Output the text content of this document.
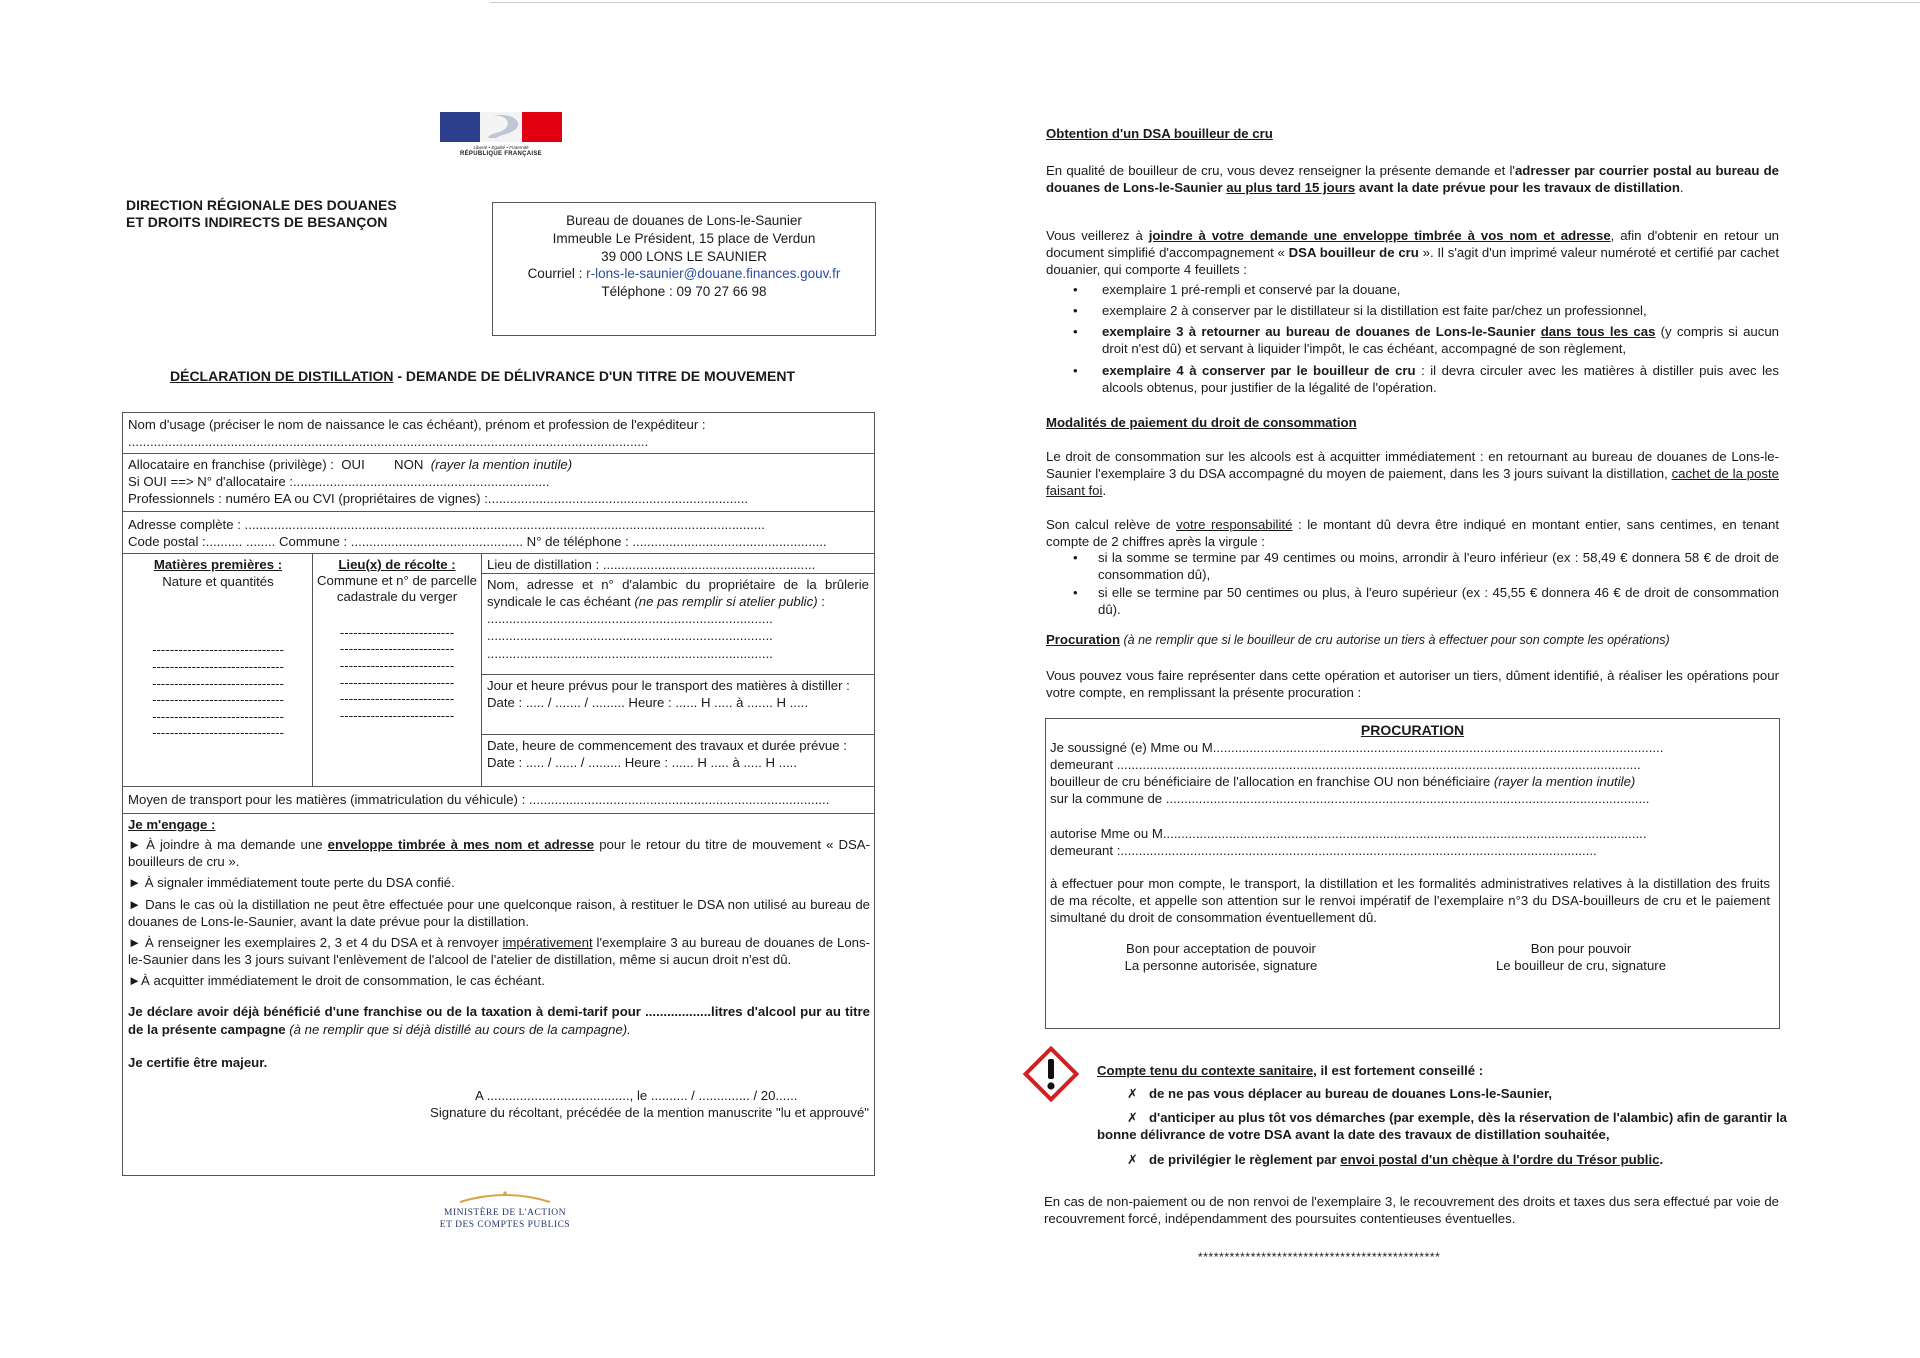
Liberté • Égalité • Fraternité
RÉPUBLIQUE FRANÇAISE
DIRECTION RÉGIONALE DES DOUANES
ET DROITS INDIRECTS DE BESANÇON	Bureau de douanes de Lons-le-Saunier
Immeuble Le Président, 15 place de Verdun
39 000 LONS LE SAUNIER
Courriel : r-lons-le-saunier@douane.finances.gouv.fr
Téléphone : 09 70 27 66 98
DÉCLARATION DE DISTILLATION - DEMANDE DE DÉLIVRANCE D'UN TITRE DE MOUVEMENT
Nom d'usage (préciser le nom de naissance le cas échéant), prénom et profession de l'expéditeur :
..............................................................................................................................................
Allocataire en franchise (privilège) :  OUI        NON  (rayer la mention inutile)
Si OUI ==> N° d'allocataire :......................................................................
Professionnels : numéro EA ou CVI (propriétaires de vignes) :.......................................................................
Adresse complète : ..............................................................................................................................................
Code postal :.......... ........ Commune : ............................................... N° de téléphone : .....................................................
Matières premières :
Nature et quantités
------------------------------
------------------------------
------------------------------
------------------------------
------------------------------
------------------------------
Lieu(x) de récolte :
Commune et n° de parcelle cadastrale du verger
--------------------------
--------------------------
--------------------------
--------------------------
--------------------------
--------------------------
Lieu de distillation : ..........................................................
Nom, adresse et n° d'alambic du propriétaire de la brûlerie syndicale le cas échéant (ne pas remplir si atelier public) :
..............................................................................
..............................................................................
..............................................................................
Jour et heure prévus pour le transport des matières à distiller :
Date : ..... / ....... / ......... Heure : ...... H ..... à ....... H .....
Date, heure de commencement des travaux et durée prévue :
Date : ..... / ...... / ......... Heure : ...... H ..... à ..... H .....
Moyen de transport pour les matières (immatriculation du véhicule) : ..................................................................................
Je m'engage :
► À joindre à ma demande une enveloppe timbrée à mes nom et adresse pour le retour du titre de mouvement « DSA-bouilleurs de cru ».
► À signaler immédiatement toute perte du DSA confié.
► Dans le cas où la distillation ne peut être effectuée pour une quelconque raison, à restituer le DSA non utilisé au bureau de douanes de Lons-le-Saunier, avant la date prévue pour la distillation.
► À renseigner les exemplaires 2, 3 et 4 du DSA et à renvoyer impérativement l'exemplaire 3 au bureau de douanes de Lons-le-Saunier dans les 3 jours suivant l'enlèvement de l'alcool de l'atelier de distillation, même si aucun droit n'est dû.
►À acquitter immédiatement le droit de consommation, le cas échéant.
Je déclare avoir déjà bénéficié d'une franchise ou de la taxation à demi-tarif pour ..................litres d'alcool pur au titre de la présente campagne (à ne remplir que si déjà distillé au cours de la campagne).
Je certifie être majeur.
A ......................................., le .......... / .............. / 20......
Signature du récoltant, précédée de la mention manuscrite "lu et approuvé"
MINISTÈRE DE L'ACTION
ET DES COMPTES PUBLICS
Obtention d'un DSA bouilleur de cru
En qualité de bouilleur de cru, vous devez renseigner la présente demande et l'adresser par courrier postal au bureau de douanes de Lons-le-Saunier au plus tard 15 jours avant la date prévue pour les travaux de distillation.
Vous veillerez à joindre à votre demande une enveloppe timbrée à vos nom et adresse, afin d'obtenir en retour un document simplifié d'accompagnement « DSA bouilleur de cru ». Il s'agit d'un imprimé valeur numéroté et certifié par cachet douanier, qui comporte 4 feuillets :
• exemplaire 1 pré-rempli et conservé par la douane,
• exemplaire 2 à conserver par le distillateur si la distillation est faite par/chez un professionnel,
• exemplaire 3 à retourner au bureau de douanes de Lons-le-Saunier dans tous les cas (y compris si aucun droit n'est dû) et servant à liquider l'impôt, le cas échéant, accompagné de son règlement,
• exemplaire 4 à conserver par le bouilleur de cru : il devra circuler avec les matières à distiller puis avec les alcools obtenus, pour justifier de la légalité de l'opération.
Modalités de paiement du droit de consommation
Le droit de consommation sur les alcools est à acquitter immédiatement : en retournant au bureau de douanes de Lons-le-Saunier l'exemplaire 3 du DSA accompagné du moyen de paiement, dans les 3 jours suivant la distillation, cachet de la poste faisant foi.
Son calcul relève de votre responsabilité : le montant dû devra être indiqué en montant entier, sans centimes, en tenant compte de 2 chiffres après la virgule :
• si la somme se termine par 49 centimes ou moins, arrondir à l'euro inférieur (ex : 58,49 € donnera 58 € de droit de consommation dû),
• si elle se termine par 50 centimes ou plus, à l'euro supérieur (ex : 45,55 € donnera 46 € de droit de consommation dû).
Procuration (à ne remplir que si le bouilleur de cru autorise un tiers à effectuer pour son compte les opérations)
Vous pouvez vous faire représenter dans cette opération et autoriser un tiers, dûment identifié, à réaliser les opérations pour votre compte, en remplissant la présente procuration :
PROCURATION
Je soussigné (e) Mme ou M...........................................................................................................................
demeurant ...............................................................................................................................................
bouilleur de cru bénéficiaire de l'allocation en franchise OU non bénéficiaire (rayer la mention inutile)
sur la commune de ....................................................................................................................................
autorise Mme ou M....................................................................................................................................
demeurant :..................................................................................................................................
à effectuer pour mon compte, le transport, la distillation et les formalités administratives relatives à la distillation des fruits de ma récolte, et appelle son attention sur le renvoi impératif de l'exemplaire n°3 du DSA-bouilleurs de cru et le paiement simultané du droit de consommation éventuellement dû.
Bon pour acceptation de pouvoir
La personne autorisée, signature
Bon pour pouvoir
Le bouilleur de cru, signature
Compte tenu du contexte sanitaire, il est fortement conseillé :
✗ de ne pas vous déplacer au bureau de douanes Lons-le-Saunier,
✗ d'anticiper au plus tôt vos démarches (par exemple, dès la réservation de l'alambic) afin de garantir la bonne délivrance de votre DSA avant la date des travaux de distillation souhaitée,
✗ de privilégier le règlement par envoi postal d'un chèque à l'ordre du Trésor public.
En cas de non-paiement ou de non renvoi de l'exemplaire 3, le recouvrement des droits et taxes dus sera effectué par voie de recouvrement forcé, indépendamment des poursuites contentieuses éventuelles.
**********************************************
